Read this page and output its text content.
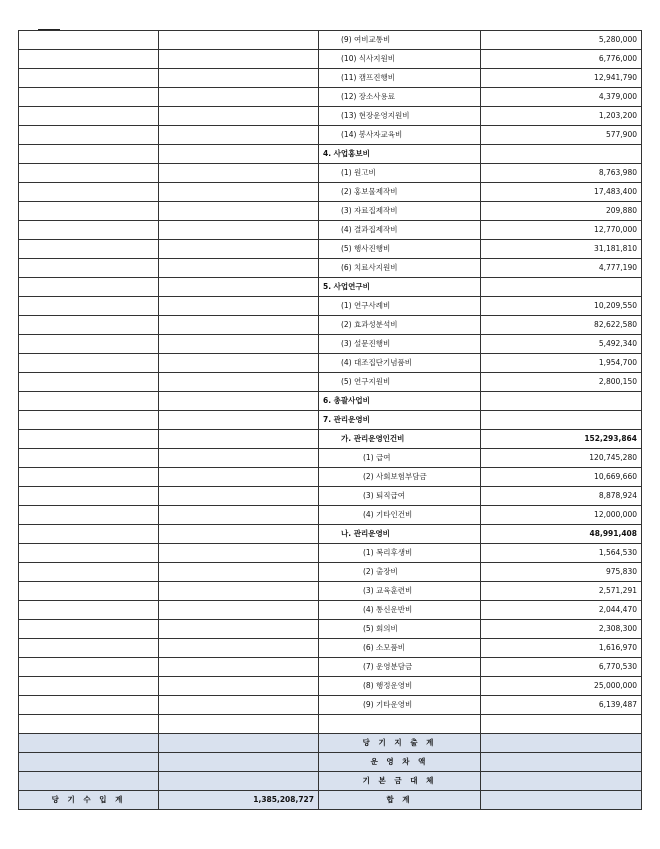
		(9) 여비교통비	5,280,000	
		(10) 식사지원비	6,776,000	
		(11) 캠프진행비	12,941,790	
		(12) 장소사용료	4,379,000	
		(13) 현장운영지원비	1,203,200	
		(14) 봉사자교육비	577,900	
		4. 사업홍보비		
		(1) 원고비	8,763,980	
		(2) 홍보물제작비	17,483,400	
		(3) 자료집제작비	209,880	
		(4) 결과집제작비	12,770,000	
		(5) 행사진행비	31,181,810	
		(6) 치료사지원비	4,777,190	
		5. 사업연구비		
		(1) 연구사례비	10,209,550	
		(2) 효과성분석비	82,622,580	
		(3) 설문진행비	5,492,340	
		(4) 대조집단기념품비	1,954,700	
		(5) 연구지원비	2,800,150	
		6. 총괄사업비		
		7. 관리운영비		
		가. 관리운영인건비	152,293,864	
		(1) 급여	120,745,280	
		(2) 사회보험부담금	10,669,660	
		(3) 퇴직급여	8,878,924	
		(4) 기타인건비	12,000,000	
		나. 관리운영비	48,991,408	
		(1) 복리후생비	1,564,530	
		(2) 출장비	975,830	
		(3) 교육훈련비	2,571,291	
		(4) 통신운반비	2,044,470	
		(5) 회의비	2,308,300	
		(6) 소모품비	1,616,970	
		(7) 운영분담금	6,770,530	
		(8) 행정운영비	25,000,000	
		(9) 기타운영비	6,139,487	

		당 기 지 출 계		
		운 영 차 액		
		기 본 금 대 체		
당 기 수 입 계	1,385,208,727	합 계		
